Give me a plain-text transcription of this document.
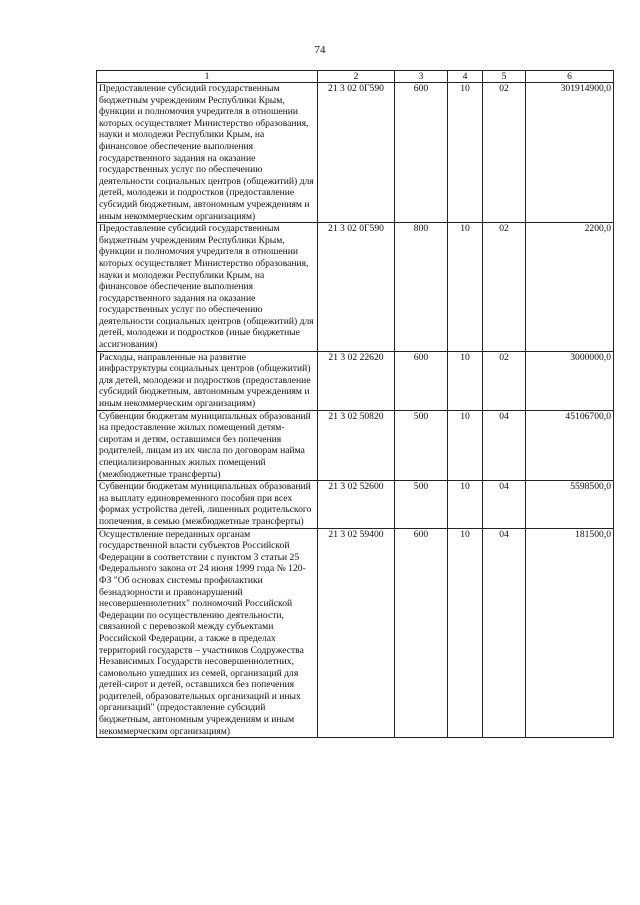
74
1	2	3	4	5	6
Предоставление субсидий государственным бюджетным учреждениям Республики Крым, функции и полномочия учредителя в отношении которых осуществляет Министерство образования, науки и молодежи Республики Крым, на финансовое обеспечение выполнения государственного задания на оказание государственных услуг по обеспечению деятельности социальных центров (общежитий) для детей, молодежи и подростков (предоставление субсидий бюджетным, автономным учреждениям и иным некоммерческим организациям)	21 3 02 0Г590	600	10	02	301914900,0
Предоставление субсидий государственным бюджетным учреждениям Республики Крым, функции и полномочия учредителя в отношении которых осуществляет Министерство образования, науки и молодежи Республики Крым, на финансовое обеспечение выполнения государственного задания на оказание государственных услуг по обеспечению деятельности социальных центров (общежитий) для детей, молодежи и подростков (иные бюджетные ассигнования)	21 3 02 0Г590	800	10	02	2200,0
Расходы, направленные на развитие инфраструктуры социальных центров (общежитий) для детей, молодежи и подростков (предоставление субсидий бюджетным, автономным учреждениям и иным некоммерческим организациям)	21 3 02 22620	600	10	02	3000000,0
Субвенции бюджетам муниципальных образований на предоставление жилых помещений детям-сиротам и детям, оставшимся без попечения родителей, лицам из их числа по договорам найма специализированных жилых помещений (межбюджетные трансферты)	21 3 02 50820	500	10	04	45106700,0
Субвенции бюджетам муниципальных образований на выплату единовременного пособия при всех формах устройства детей, лишенных родительского попечения, в семью (межбюджетные трансферты)	21 3 02 52600	500	10	04	5598500,0
Осуществление переданных органам государственной власти субъектов Российской Федерации в соответствии с пунктом 3 статьи 25 Федерального закона от 24 июня 1999 года № 120-ФЗ "Об основах системы профилактики безнадзорности и правонарушений несовершеннолетних" полномочий Российской Федерации по осуществлению деятельности, связанной с перевозкой между субъектами Российской Федерации, а также в пределах территорий государств – участников Содружества Независимых Государств несовершеннолетних, самовольно ушедших из семей, организаций для детей-сирот и детей, оставшихся без попечения родителей, образовательных организаций и иных организаций" (предоставление субсидий бюджетным, автономным учреждениям и иным некоммерческим организациям)	21 3 02 59400	600	10	04	181500,0
